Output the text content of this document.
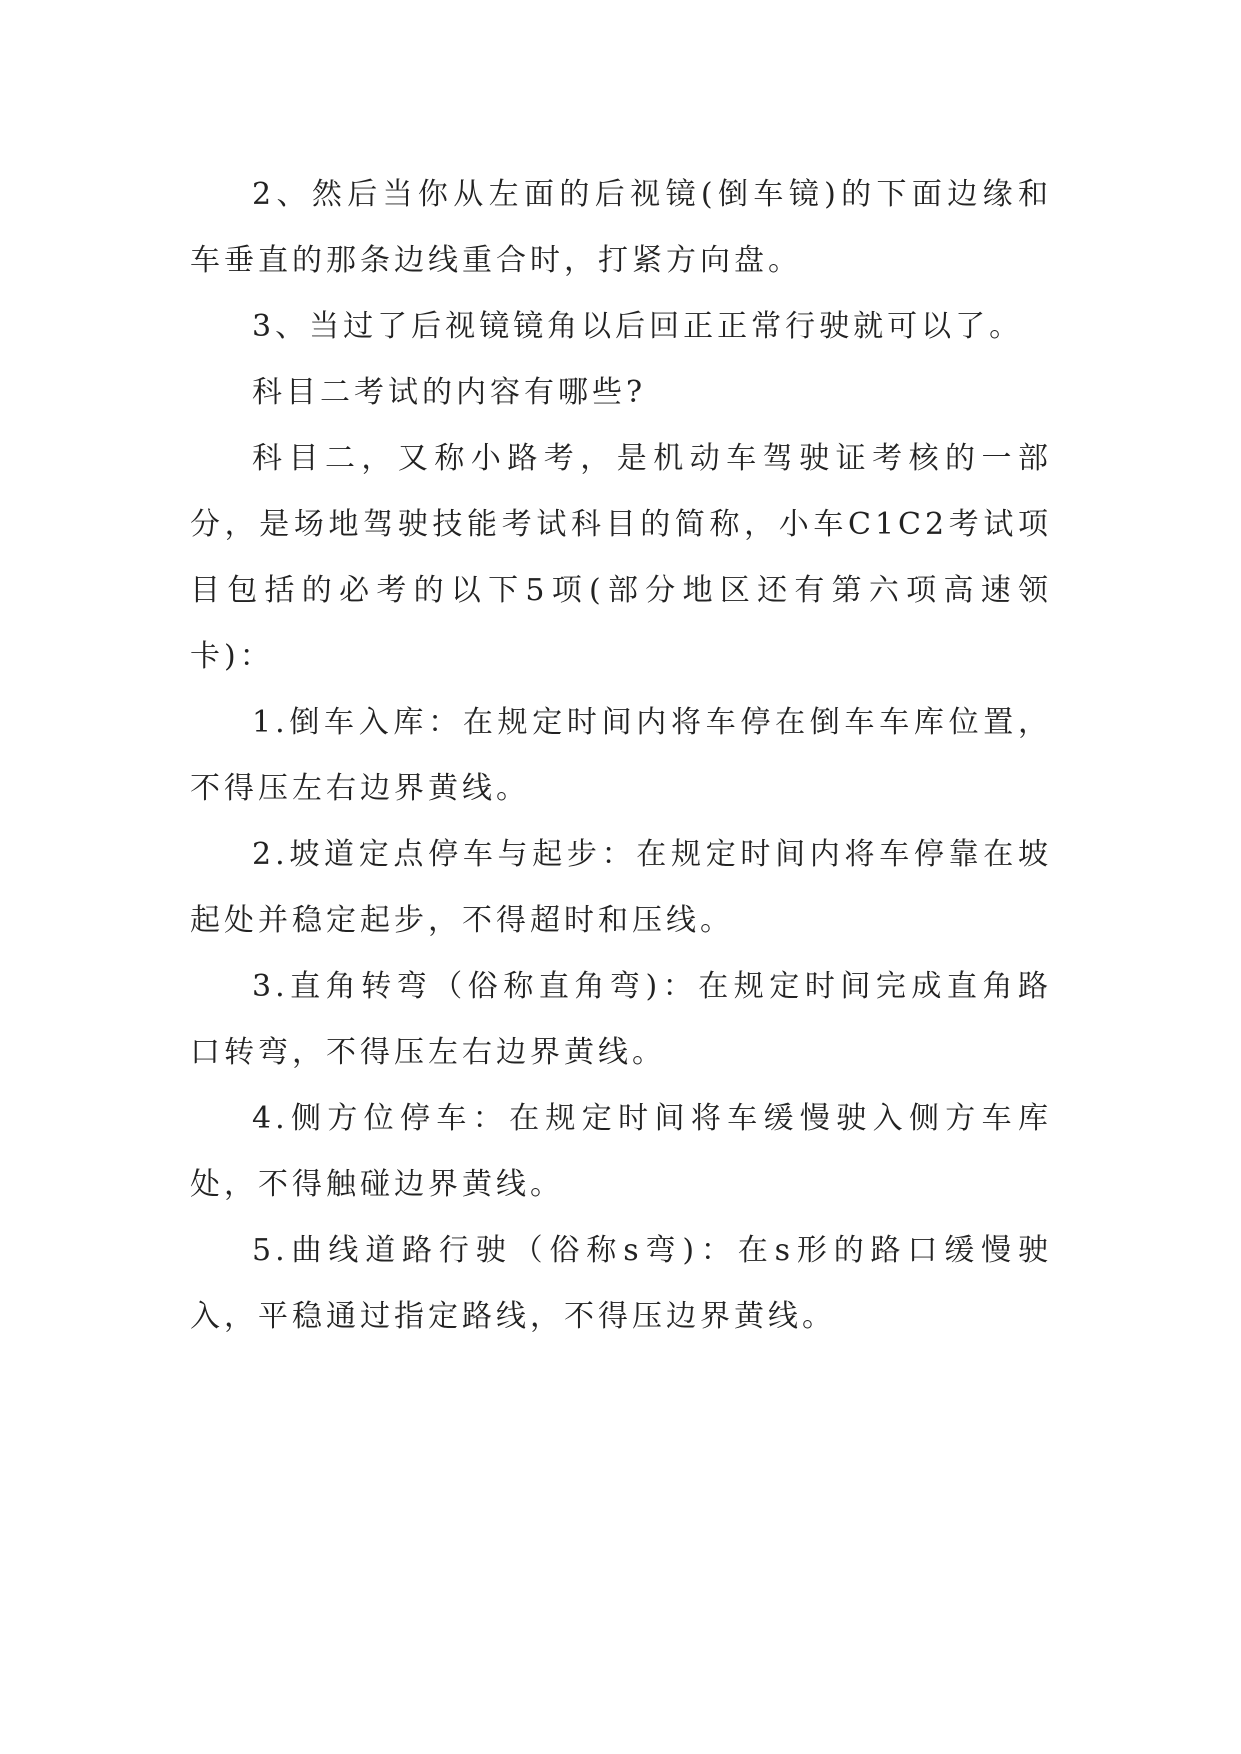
2、然后当你从左面的后视镜(倒车镜)的下面边缘和车垂直的那条边线重合时，打紧方向盘。

3、当过了后视镜镜角以后回正正常行驶就可以了。

科目二考试的内容有哪些?

科目二，又称小路考，是机动车驾驶证考核的一部分，是场地驾驶技能考试科目的简称，小车C1C2考试项目包括的必考的以下5项(部分地区还有第六项高速领卡)：

1.倒车入库：在规定时间内将车停在倒车车库位置，不得压左右边界黄线。

2.坡道定点停车与起步：在规定时间内将车停靠在坡起处并稳定起步，不得超时和压线。

3.直角转弯（俗称直角弯)：在规定时间完成直角路口转弯，不得压左右边界黄线。

4.侧方位停车：在规定时间将车缓慢驶入侧方车库处，不得触碰边界黄线。

5.曲线道路行驶（俗称s弯)：在s形的路口缓慢驶入，平稳通过指定路线，不得压边界黄线。
